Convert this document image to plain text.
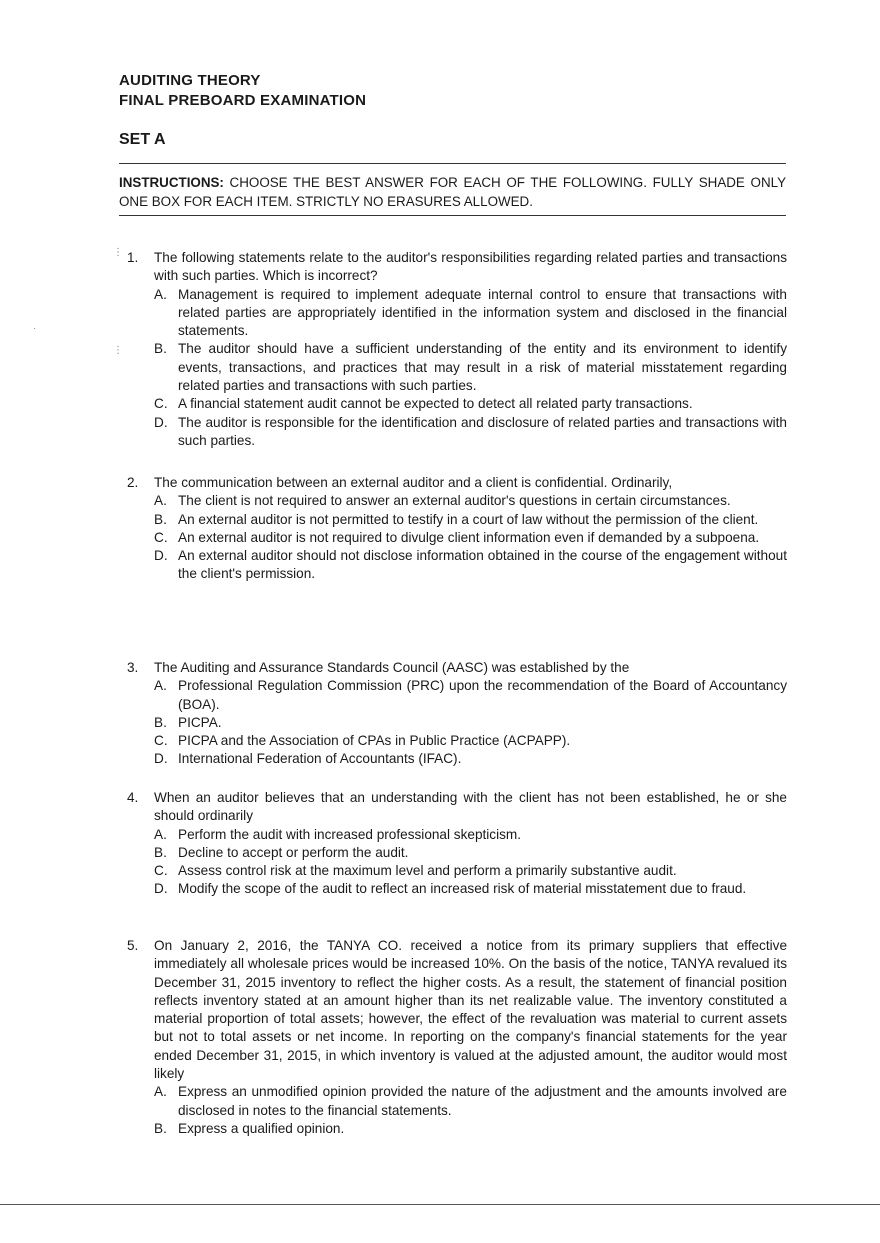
AUDITING THEORY
FINAL PREBOARD EXAMINATION
SET A
INSTRUCTIONS: CHOOSE THE BEST ANSWER FOR EACH OF THE FOLLOWING. FULLY SHADE ONLY ONE BOX FOR EACH ITEM. STRICTLY NO ERASURES ALLOWED.
1.	The following statements relate to the auditor's responsibilities regarding related parties and transactions with such parties. Which is incorrect?
A. Management is required to implement adequate internal control to ensure that transactions with related parties are appropriately identified in the information system and disclosed in the financial statements.
B. The auditor should have a sufficient understanding of the entity and its environment to identify events, transactions, and practices that may result in a risk of material misstatement regarding related parties and transactions with such parties.
C. A financial statement audit cannot be expected to detect all related party transactions.
D. The auditor is responsible for the identification and disclosure of related parties and transactions with such parties.
2.	The communication between an external auditor and a client is confidential. Ordinarily,
A. The client is not required to answer an external auditor's questions in certain circumstances.
B. An external auditor is not permitted to testify in a court of law without the permission of the client.
C. An external auditor is not required to divulge client information even if demanded by a subpoena.
D. An external auditor should not disclose information obtained in the course of the engagement without the client's permission.
3.	The Auditing and Assurance Standards Council (AASC) was established by the
A. Professional Regulation Commission (PRC) upon the recommendation of the Board of Accountancy (BOA).
B. PICPA.
C. PICPA and the Association of CPAs in Public Practice (ACPAPP).
D. International Federation of Accountants (IFAC).
4.	When an auditor believes that an understanding with the client has not been established, he or she should ordinarily
A. Perform the audit with increased professional skepticism.
B. Decline to accept or perform the audit.
C. Assess control risk at the maximum level and perform a primarily substantive audit.
D. Modify the scope of the audit to reflect an increased risk of material misstatement due to fraud.
5.	On January 2, 2016, the TANYA CO. received a notice from its primary suppliers that effective immediately all wholesale prices would be increased 10%. On the basis of the notice, TANYA revalued its December 31, 2015 inventory to reflect the higher costs. As a result, the statement of financial position reflects inventory stated at an amount higher than its net realizable value. The inventory constituted a material proportion of total assets; however, the effect of the revaluation was material to current assets but not to total assets or net income. In reporting on the company's financial statements for the year ended December 31, 2015, in which inventory is valued at the adjusted amount, the auditor would most likely
A. Express an unmodified opinion provided the nature of the adjustment and the amounts involved are disclosed in notes to the financial statements.
B. Express a qualified opinion.
⋮
⋮
·
